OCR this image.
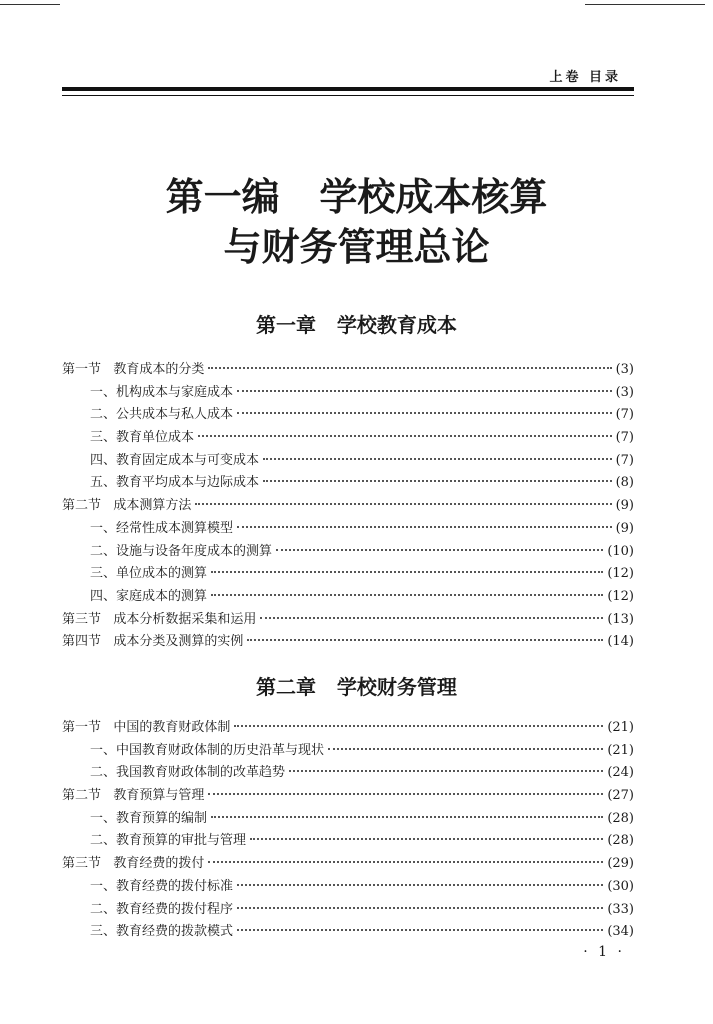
上卷 目录
第一编   学校成本核算
与财务管理总论
第一章   学校教育成本
第一节   教育成本的分类	(3)
一、机构成本与家庭成本	(3)
二、公共成本与私人成本	(7)
三、教育单位成本	(7)
四、教育固定成本与可变成本	(7)
五、教育平均成本与边际成本	(8)
第二节   成本测算方法	(9)
一、经常性成本测算模型	(9)
二、设施与设备年度成本的测算	(10)
三、单位成本的测算	(12)
四、家庭成本的测算	(12)
第三节   成本分析数据采集和运用	(13)
第四节   成本分类及测算的实例	(14)
第二章   学校财务管理
第一节   中国的教育财政体制	(21)
一、中国教育财政体制的历史沿革与现状	(21)
二、我国教育财政体制的改革趋势	(24)
第二节   教育预算与管理	(27)
一、教育预算的编制	(28)
二、教育预算的审批与管理	(28)
第三节   教育经费的拨付	(29)
一、教育经费的拨付标准	(30)
二、教育经费的拨付程序	(33)
三、教育经费的拨款模式	(34)
· 1 ·
